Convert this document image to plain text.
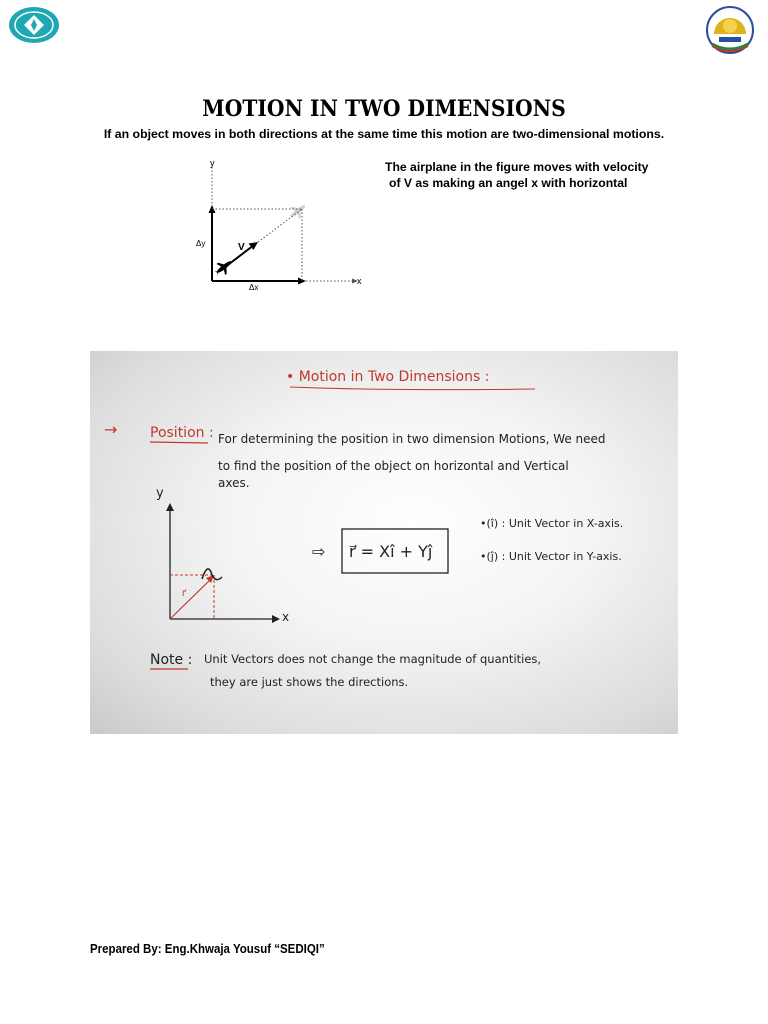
MOTION IN TWO DIMENSIONS
If an object moves in both directions at the same time this motion are two-dimensional motions.
y
x
V
Δy
Δx
The airplane in the figure moves with velocity
of V as making an angel x with horizontal
• Motion in Two Dimensions :
→ Position : For determining the position in two dimension Motions, We need
to find the position of the object on horizontal and Vertical
axes.
y
x
r⃗
⇨ r⃗ = Xî + Yĵ
•(î) : Unit Vector in X-axis.
•(ĵ) : Unit Vector in Y-axis.
Note : Unit Vectors does not change the magnitude of quantities,
they are just shows the directions.
Prepared By: Eng.Khwaja Yousuf “SEDIQI”
